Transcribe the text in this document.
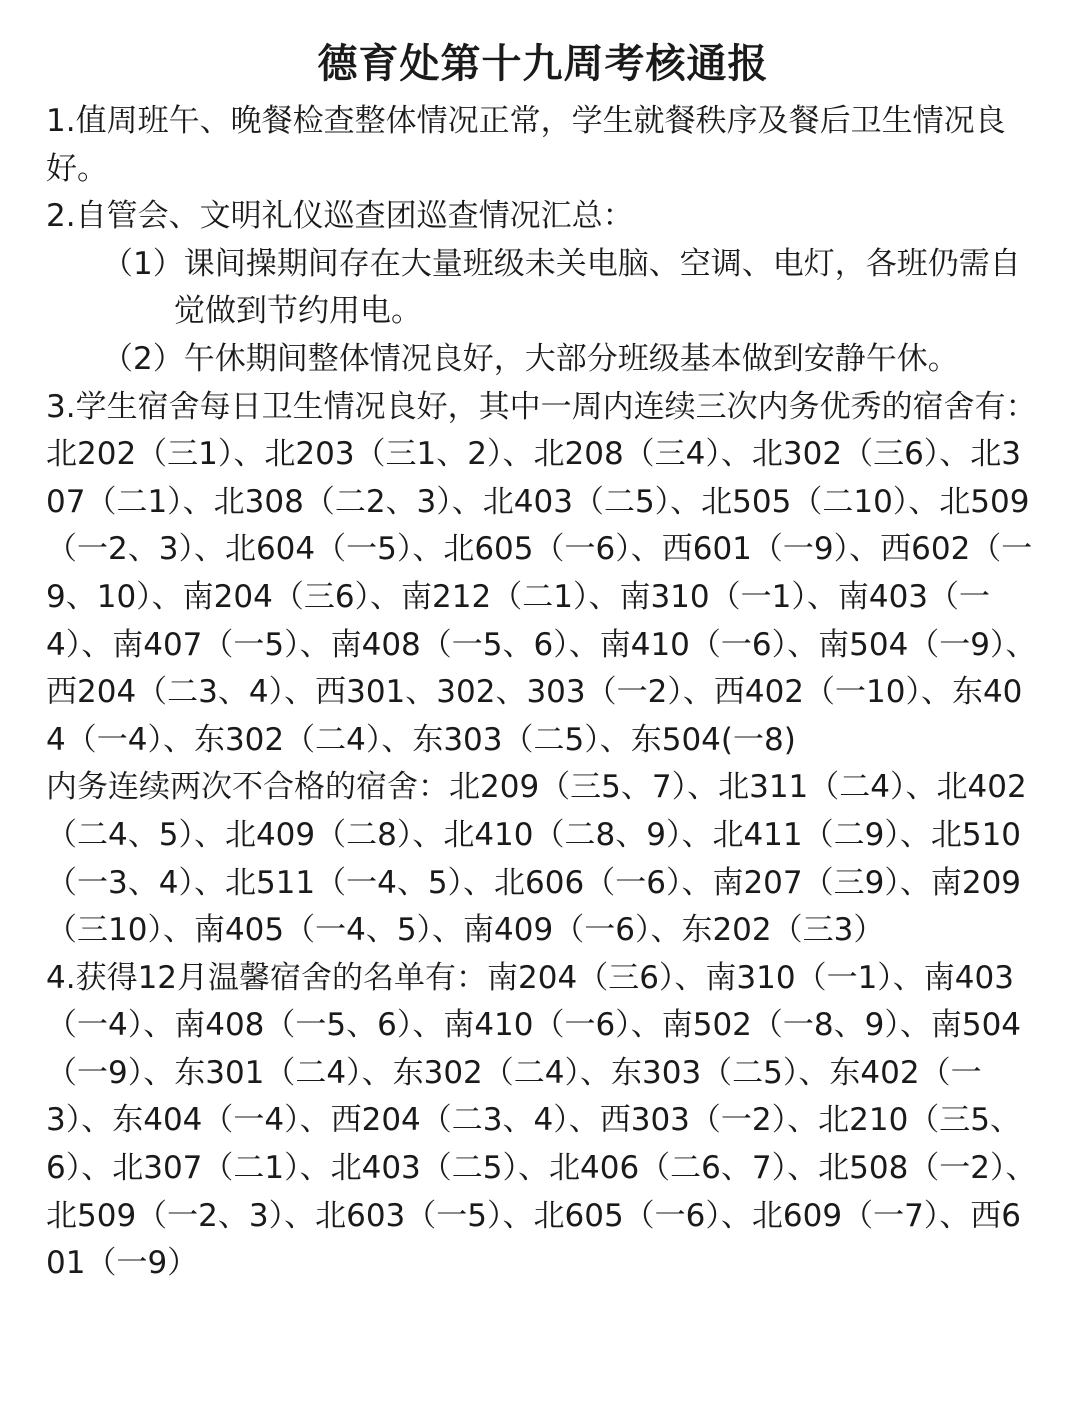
德育处第十九周考核通报

1.值周班午、晚餐检查整体情况正常，学生就餐秩序及餐后卫生情况良好。

2.自管会、文明礼仪巡查团巡查情况汇总：

（1）课间操期间存在大量班级未关电脑、空调、电灯，各班仍需自觉做到节约用电。

（2）午休期间整体情况良好，大部分班级基本做到安静午休。

3.学生宿舍每日卫生情况良好，其中一周内连续三次内务优秀的宿舍有：北202（三1）、北203（三1、2）、北208（三4）、北302（三6）、北307（二1）、北308（二2、3）、北403（二5）、北505（二10）、北509（一2、3）、北604（一5）、北605（一6）、西601（一9）、西602（一9、10）、南204（三6）、南212（二1）、南310（一1）、南403（一4）、南407（一5）、南408（一5、6）、南410（一6）、南504（一9）、西204（二3、4）、西301、302、303（一2）、西402（一10）、东404（一4）、东302（二4）、东303（二5）、东504(一8)

内务连续两次不合格的宿舍：北209（三5、7）、北311（二4）、北402（二4、5）、北409（二8）、北410（二8、9）、北411（二9）、北510（一3、4）、北511（一4、5）、北606（一6）、南207（三9）、南209（三10）、南405（一4、5）、南409（一6）、东202（三3）

4.获得12月温馨宿舍的名单有：南204（三6）、南310（一1）、南403（一4）、南408（一5、6）、南410（一6）、南502（一8、9）、南504（一9）、东301（二4）、东302（二4）、东303（二5）、东402（一3）、东404（一4）、西204（二3、4）、西303（一2）、北210（三5、6）、北307（二1）、北403（二5）、北406（二6、7）、北508（一2）、北509（一2、3）、北603（一5）、北605（一6）、北609（一7）、西601（一9）
